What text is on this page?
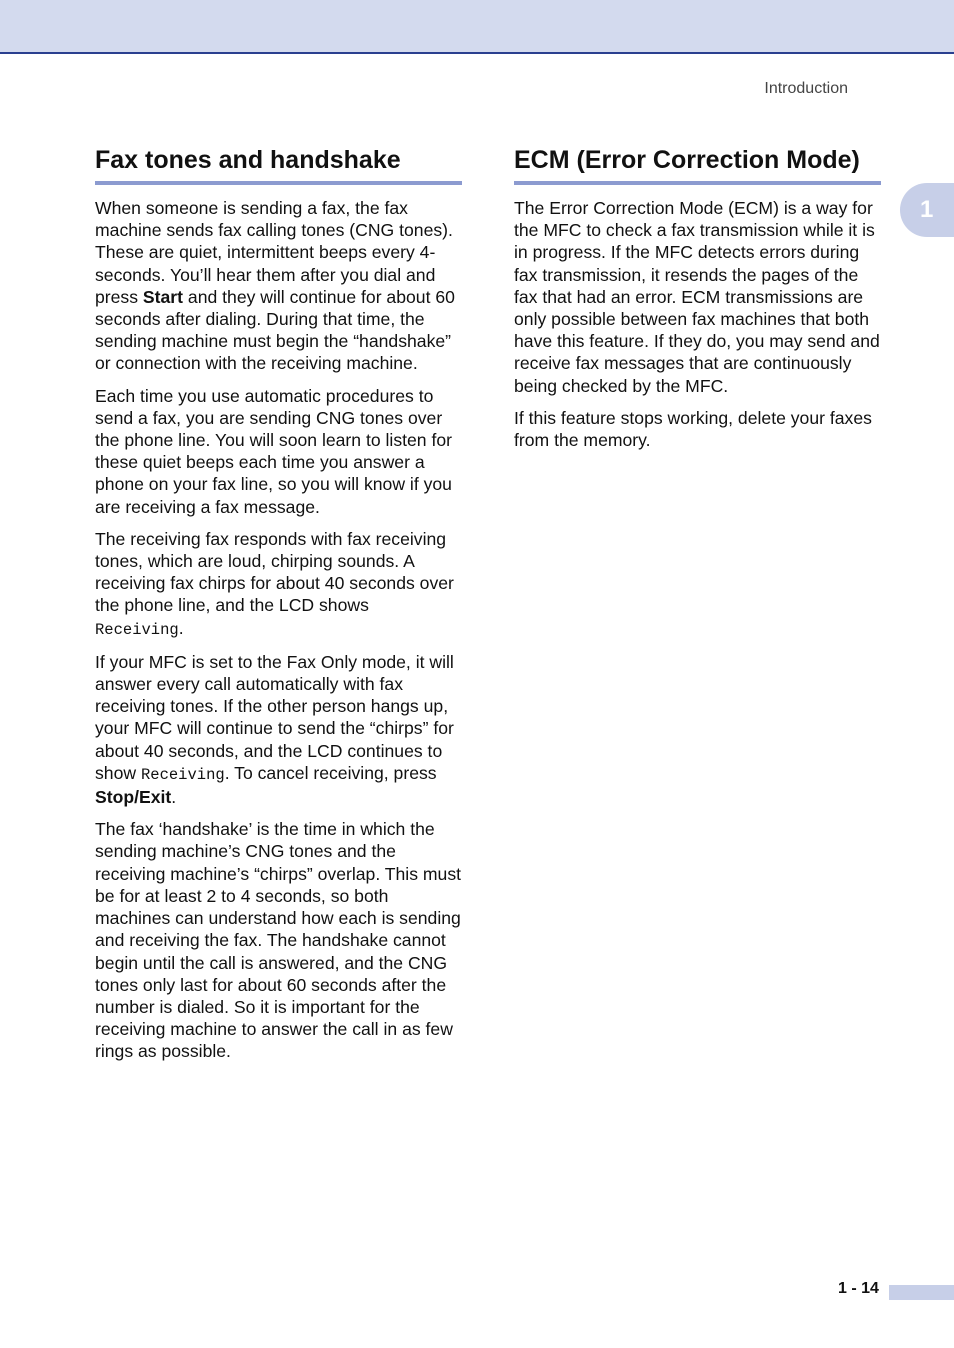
Introduction
1
Fax tones and handshake

When someone is sending a fax, the fax machine sends fax calling tones (CNG tones). These are quiet, intermittent beeps every 4-seconds. You’ll hear them after you dial and press Start and they will continue for about 60 seconds after dialing. During that time, the sending machine must begin the “handshake” or connection with the receiving machine.

Each time you use automatic procedures to send a fax, you are sending CNG tones over the phone line. You will soon learn to listen for these quiet beeps each time you answer a phone on your fax line, so you will know if you are receiving a fax message.

The receiving fax responds with fax receiving tones, which are loud, chirping sounds. A receiving fax chirps for about 40 seconds over the phone line, and the LCD shows Receiving.

If your MFC is set to the Fax Only mode, it will answer every call automatically with fax receiving tones. If the other person hangs up, your MFC will continue to send the “chirps” for about 40 seconds, and the LCD continues to show Receiving. To cancel receiving, press Stop/Exit.

The fax ‘handshake’ is the time in which the sending machine’s CNG tones and the receiving machine’s “chirps” overlap. This must be for at least 2 to 4 seconds, so both machines can understand how each is sending and receiving the fax. The handshake cannot begin until the call is answered, and the CNG tones only last for about 60 seconds after the number is dialed. So it is important for the receiving machine to answer the call in as few rings as possible.

ECM (Error Correction Mode)

The Error Correction Mode (ECM) is a way for the MFC to check a fax transmission while it is in progress. If the MFC detects errors during fax transmission, it resends the pages of the fax that had an error. ECM transmissions are only possible between fax machines that both have this feature. If they do, you may send and receive fax messages that are continuously being checked by the MFC.

If this feature stops working, delete your faxes from the memory.

1 - 14
